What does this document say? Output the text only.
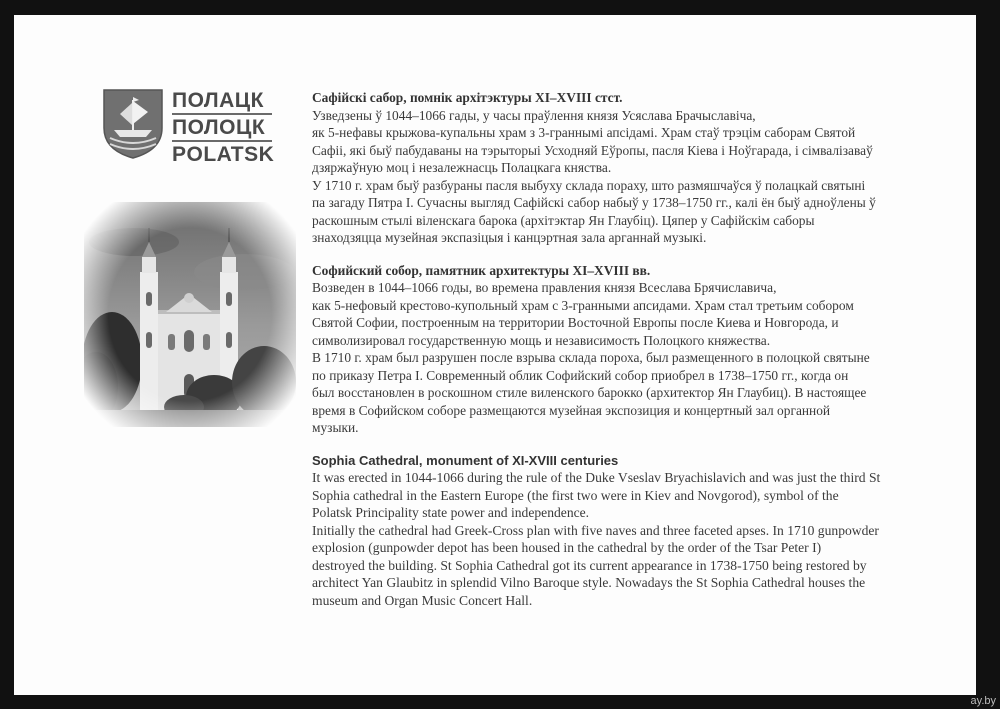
ПОЛАЦК
ПОЛОЦК
POLATSK
Сафійскі сабор, помнік архітэктуры XI–XVIII стст.
Узведзены ў 1044–1066 гады, у часы праўлення князя Усяслава Брачыславіча,
як 5-нефавы крыжова-купальны храм з 3-граннымі апсідамі. Храм стаў трэцім саборам Святой
Сафіі, які быў пабудаваны на тэрыторыі Усходняй Еўропы, пасля Кіева і Ноўгарада, і сімвалізаваў
дзяржаўную моц і незалежнасць Полацкага княства.
У 1710 г. храм быў разбураны пасля выбуху склада пораху, што размяшчаўся ў полацкай святыні
па загаду Пятра I. Сучасны выгляд Сафійскі сабор набыў у 1738–1750 гг., калі ён быў адноўлены ў
раскошным стылі віленскага барока (архітэктар Ян Глаубіц). Цяпер у Сафійскім саборы
знаходзяцца музейная экспазіцыя і канцэртная зала арганнай музыкі.
Софийский собор, памятник архитектуры XI–XVIII вв.
Возведен в 1044–1066 годы, во времена правления князя Всеслава Брячиславича,
как 5-нефовый крестово-купольный храм с 3-гранными апсидами. Храм стал третьим собором
Святой Софии, построенным на территории Восточной Европы после Киева и Новгорода, и
символизировал государственную мощь и независимость Полоцкого княжества.
В 1710 г. храм был разрушен после взрыва склада пороха, был размещенного в полоцкой святыне
по приказу Петра I. Современный облик Софийский собор приобрел в 1738–1750 гг., когда он
был восстановлен в роскошном стиле виленского барокко (архитектор Ян Глаубиц). В настоящее
время в Софийском соборе размещаются музейная экспозиция и концертный зал органной
музыки.
Sophia Cathedral, monument of XI-XVIII centuries
It was erected in 1044-1066 during the rule of the Duke Vseslav Bryachislavich and was just the third St
Sophia cathedral in the Eastern Europe (the first two were in Kiev and Novgorod), symbol of the
Polatsk Principality state power and independence.
Initially the cathedral had Greek-Cross plan with five naves and three faceted apses. In 1710 gunpowder
explosion (gunpowder depot has been housed in the cathedral by the order of the Tsar Peter I)
destroyed the building. St Sophia Cathedral got its current appearance in 1738-1750 being restored by
architect Yan Glaubitz in splendid Vilno Baroque style. Nowadays the St Sophia Cathedral houses the
museum and Organ Music Concert Hall.
ay.by
